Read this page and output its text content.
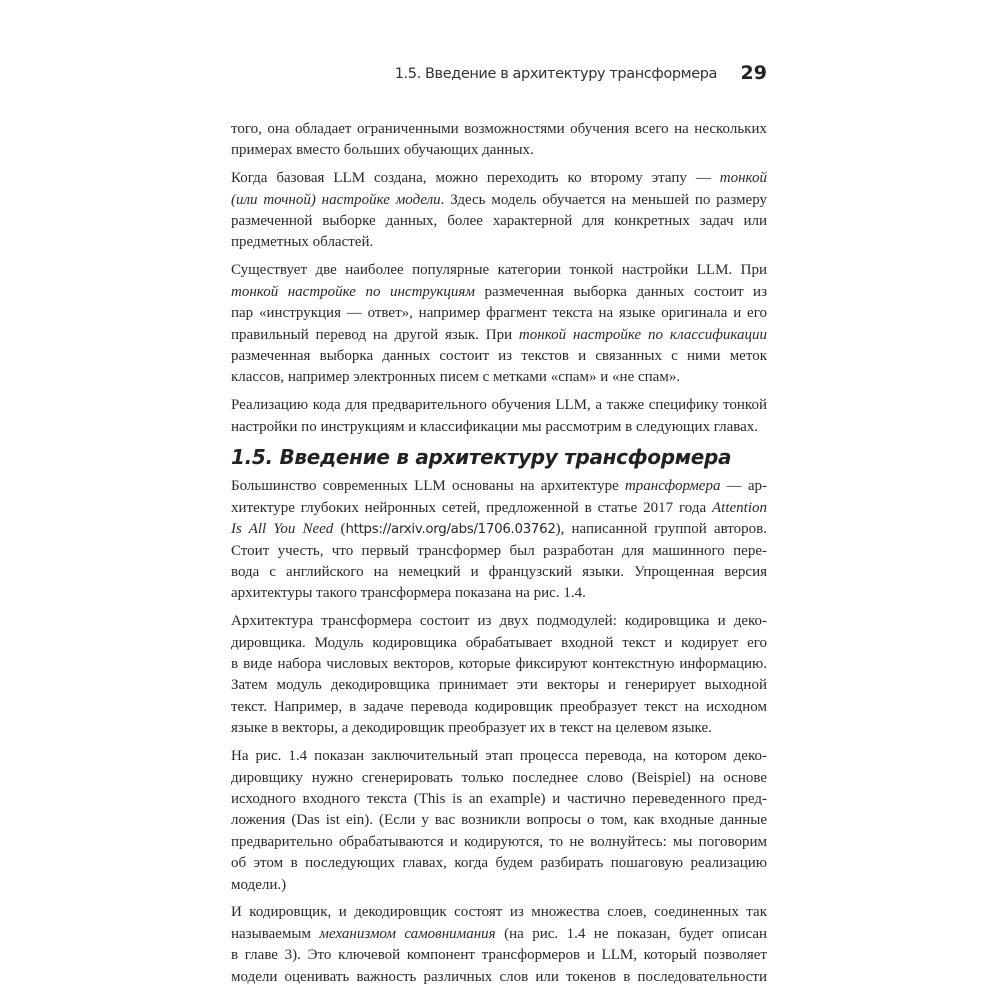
1.5. Введение в архитектуру трансформера 29
того, она обладает ограниченными возможностями обучения всего на нескольких
примерах вместо больших обучающих данных.
Когда базовая LLM создана, можно переходить ко второму этапу — тонкой
(или точной) настройке модели. Здесь модель обучается на меньшей по размеру
размеченной выборке данных, более характерной для конкретных задач или
предметных областей.
Существует две наиболее популярные категории тонкой настройки LLM. При
тонкой настройке по инструкциям размеченная выборка данных состоит из
пар «инструкция — ответ», например фрагмент текста на языке оригинала и его
правильный перевод на другой язык. При тонкой настройке по классификации
размеченная выборка данных состоит из текстов и связанных с ними меток
классов, например электронных писем с метками «спам» и «не спам».
Реализацию кода для предварительного обучения LLM, а также специфику тонкой
настройки по инструкциям и классификации мы рассмотрим в следующих главах.
1.5. Введение в архитектуру трансформера
Большинство современных LLM основаны на архитектуре трансформера — ар-
хитектуре глубоких нейронных сетей, предложенной в статье 2017 года Attention
Is All You Need (https://arxiv.org/abs/1706.03762), написанной группой авторов.
Стоит учесть, что первый трансформер был разработан для машинного пере-
вода с английского на немецкий и французский языки. Упрощенная версия
архитектуры такого трансформера показана на рис. 1.4.
Архитектура трансформера состоит из двух подмодулей: кодировщика и деко-
дировщика. Модуль кодировщика обрабатывает входной текст и кодирует его
в виде набора числовых векторов, которые фиксируют контекстную информацию.
Затем модуль декодировщика принимает эти векторы и генерирует выходной
текст. Например, в задаче перевода кодировщик преобразует текст на исходном
языке в векторы, а декодировщик преобразует их в текст на целевом языке.
На рис. 1.4 показан заключительный этап процесса перевода, на котором деко-
дировщику нужно сгенерировать только последнее слово (Beispiel) на основе
исходного входного текста (This is an example) и частично переведенного пред-
ложения (Das ist ein). (Если у вас возникли вопросы о том, как входные данные
предварительно обрабатываются и кодируются, то не волнуйтесь: мы поговорим
об этом в последующих главах, когда будем разбирать пошаговую реализацию
модели.)
И кодировщик, и декодировщик состоят из множества слоев, соединенных так
называемым механизмом самовнимания (на рис. 1.4 не показан, будет описан
в главе 3). Это ключевой компонент трансформеров и LLM, который позволяет
модели оценивать важность различных слов или токенов в последовательности
